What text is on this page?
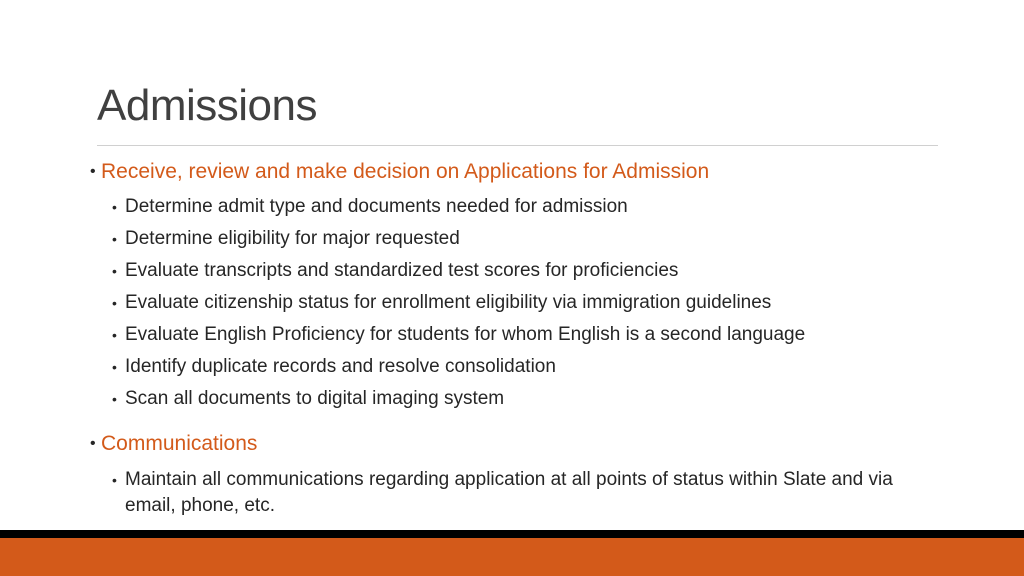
Admissions
• Receive, review and make decision on Applications for Admission
• Determine admit type and documents needed for admission
• Determine eligibility for major requested
• Evaluate transcripts and standardized test scores for proficiencies
• Evaluate citizenship status for enrollment eligibility via immigration guidelines
• Evaluate English Proficiency for students for whom English is a second language
• Identify duplicate records and resolve consolidation
• Scan all documents to digital imaging system
• Communications
• Maintain all communications regarding application at all points of status within Slate and via email, phone, etc.
